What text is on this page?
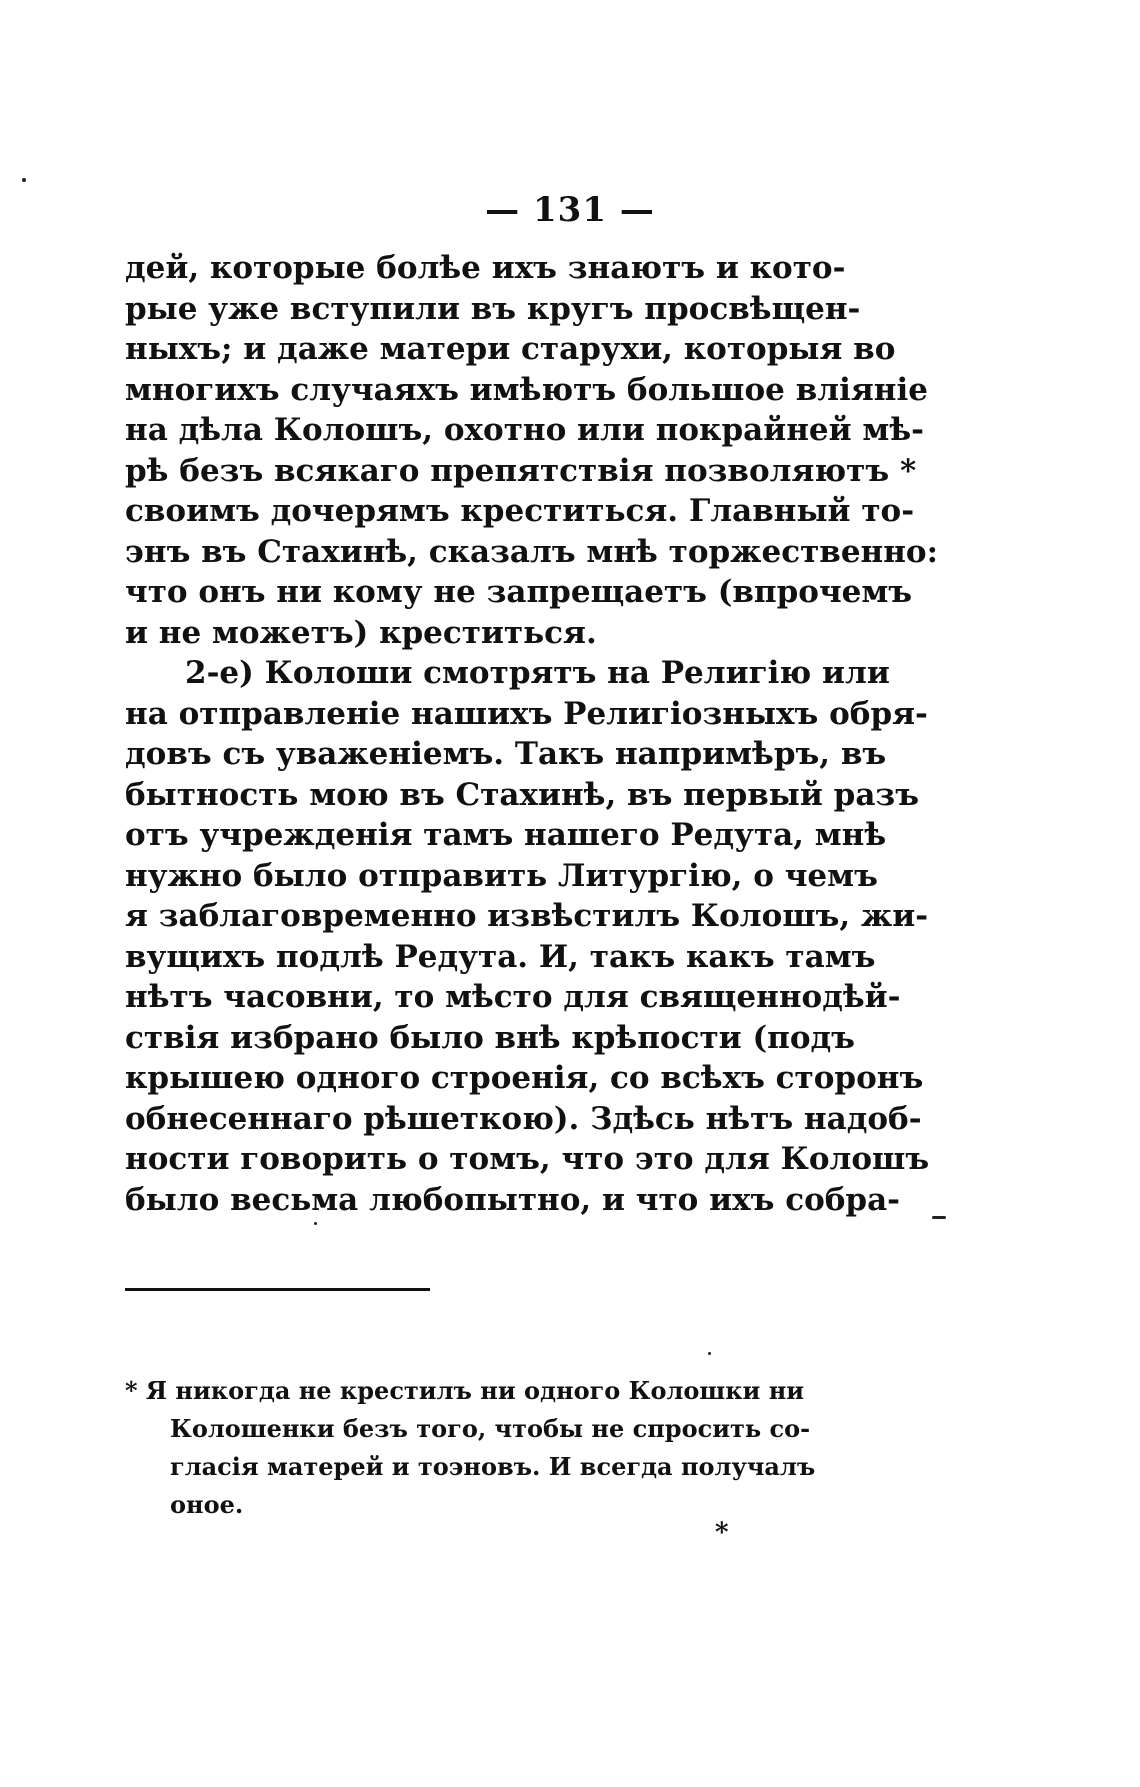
— 131 —
дей, которые болѣе ихъ знаютъ и кото-
рые уже вступили въ кругъ просвѣщен-
ныхъ; и даже матери старухи, которыя во
многихъ случаяхъ имѣютъ большое вліяніе
на дѣла Колошъ, охотно или покрайней мѣ-
рѣ безъ всякаго препятствія позволяютъ *
своимъ дочерямъ креститься. Главный то-
энъ въ Стахинѣ, сказалъ мнѣ торжественно:
что онъ ни кому не запрещаетъ (впрочемъ
и не можетъ) креститься.
2-е) Колоши смотрятъ на Религію или
на отправленіе нашихъ Религіозныхъ обря-
довъ съ уваженіемъ. Такъ напримѣръ, въ
бытность мою въ Стахинѣ, въ первый разъ
отъ учрежденія тамъ нашего Редута, мнѣ
нужно было отправить Литургію, о чемъ
я заблаговременно извѣстилъ Колошъ, жи-
вущихъ подлѣ Редута. И, такъ какъ тамъ
нѣтъ часовни, то мѣсто для священнодѣй-
ствія избрано было внѣ крѣпости (подъ
крышею одного строенія, со всѣхъ сторонъ
обнесеннаго рѣшеткою). Здѣсь нѣтъ надоб-
ности говорить о томъ, что это для Колошъ
было весьма любопытно, и что ихъ собра-
* Я никогда не крестилъ ни одного Колошки ни
Колошенки безъ того, чтобы не спросить со-
гласія матерей и тоэновъ. И всегда получалъ
оное.
*
